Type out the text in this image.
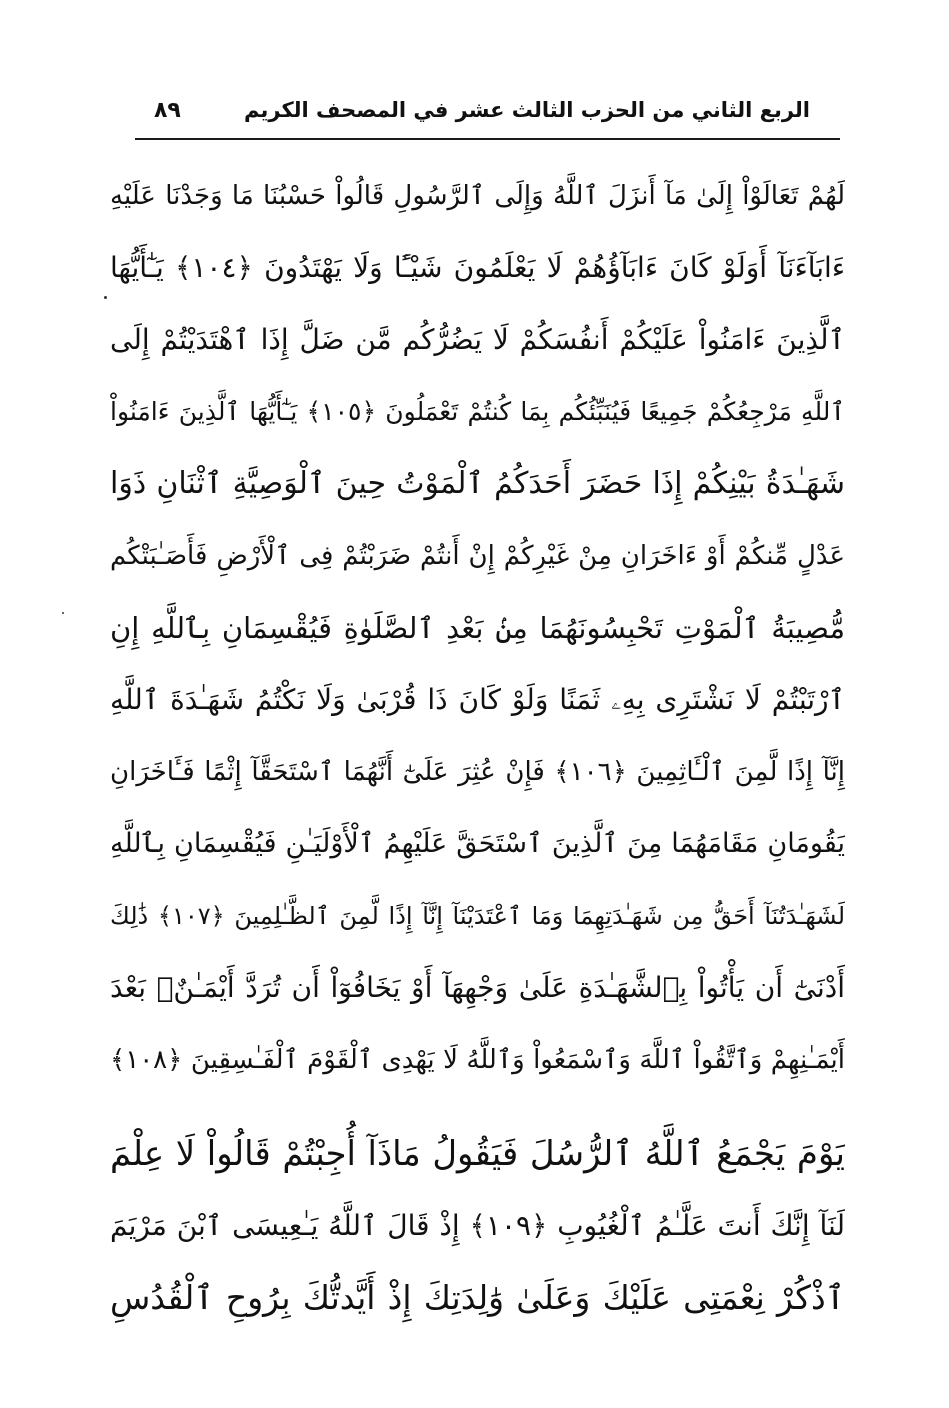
الربع الثاني من الحزب الثالث عشر في المصحف الكريم
٨٩
لَهُمْ تَعَالَوْاْ إِلَىٰ مَآ أَنزَلَ ٱللَّهُ وَإِلَى ٱلرَّسُولِ قَالُواْ حَسْبُنَا مَا وَجَدْنَا عَلَيْهِ
ءَابَآءَنَآ أَوَلَوْ كَانَ ءَابَآؤُهُمْ لَا يَعْلَمُونَ شَيْـًٔا وَلَا يَهْتَدُونَ ﴿١٠٤﴾ يَـٰٓأَيُّهَا
ٱلَّذِينَ ءَامَنُواْ عَلَيْكُمْ أَنفُسَكُمْ لَا يَضُرُّكُم مَّن ضَلَّ إِذَا ٱهْتَدَيْتُمْ إِلَى
ٱللَّهِ مَرْجِعُكُمْ جَمِيعًا فَيُنَبِّئُكُم بِمَا كُنتُمْ تَعْمَلُونَ ﴿١٠٥﴾ يَـٰٓأَيُّهَا ٱلَّذِينَ ءَامَنُواْ
شَهَـٰدَةُ بَيْنِكُمْ إِذَا حَضَرَ أَحَدَكُمُ ٱلْمَوْتُ حِينَ ٱلْوَصِيَّةِ ٱثْنَانِ ذَوَا
عَدْلٍ مِّنكُمْ أَوْ ءَاخَرَانِ مِنْ غَيْرِكُمْ إِنْ أَنتُمْ ضَرَبْتُمْ فِى ٱلْأَرْضِ فَأَصَـٰبَتْكُم
مُّصِيبَةُ ٱلْمَوْتِ تَحْبِسُونَهُمَا مِنۢ بَعْدِ ٱلصَّلَوٰةِ فَيُقْسِمَانِ بِٱللَّهِ إِنِ
ٱرْتَبْتُمْ لَا نَشْتَرِى بِهِۦ ثَمَنًا وَلَوْ كَانَ ذَا قُرْبَىٰ وَلَا نَكْتُمُ شَهَـٰدَةَ ٱللَّهِ
إِنَّآ إِذًا لَّمِنَ ٱلْـَٔاثِمِينَ ﴿١٠٦﴾ فَإِنْ عُثِرَ عَلَىٰٓ أَنَّهُمَا ٱسْتَحَقَّآ إِثْمًا فَـَٔاخَرَانِ
يَقُومَانِ مَقَامَهُمَا مِنَ ٱلَّذِينَ ٱسْتَحَقَّ عَلَيْهِمُ ٱلْأَوْلَيَـٰنِ فَيُقْسِمَانِ بِٱللَّهِ
لَشَهَـٰدَتُنَآ أَحَقُّ مِن شَهَـٰدَتِهِمَا وَمَا ٱعْتَدَيْنَآ إِنَّآ إِذًا لَّمِنَ ٱلظَّـٰلِمِينَ ﴿١٠٧﴾ ذَٰلِكَ
أَدْنَىٰٓ أَن يَأْتُواْ بِٱلشَّهَـٰدَةِ عَلَىٰ وَجْهِهَآ أَوْ يَخَافُوٓاْ أَن تُرَدَّ أَيْمَـٰنٌۢ بَعْدَ
أَيْمَـٰنِهِمْ وَٱتَّقُواْ ٱللَّهَ وَٱسْمَعُواْ وَٱللَّهُ لَا يَهْدِى ٱلْقَوْمَ ٱلْفَـٰسِقِينَ ﴿١٠٨﴾
يَوْمَ يَجْمَعُ ٱللَّهُ ٱلرُّسُلَ فَيَقُولُ مَاذَآ أُجِبْتُمْ قَالُواْ لَا عِلْمَ
لَنَآ إِنَّكَ أَنتَ عَلَّـٰمُ ٱلْغُيُوبِ ﴿١٠٩﴾ إِذْ قَالَ ٱللَّهُ يَـٰعِيسَى ٱبْنَ مَرْيَمَ
ٱذْكُرْ نِعْمَتِى عَلَيْكَ وَعَلَىٰ وَٰلِدَتِكَ إِذْ أَيَّدتُّكَ بِرُوحِ ٱلْقُدُسِ
